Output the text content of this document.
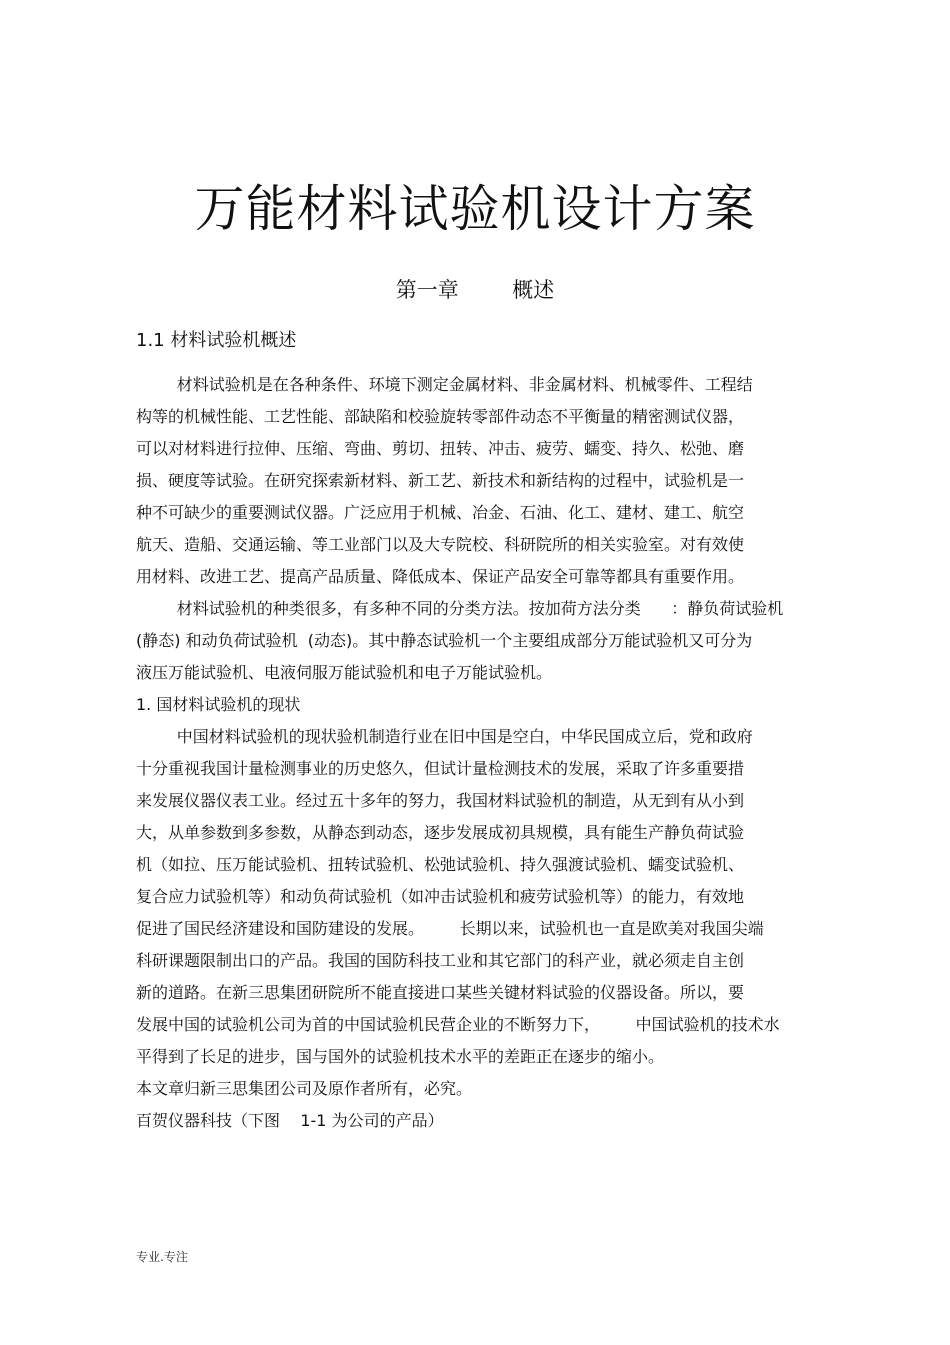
万能材料试验机设计方案
第一章        概述
1.1 材料试验机概述
材料试验机是在各种条件、环境下测定金属材料、非金属材料、机械零件、工程结
构等的机械性能、工艺性能、部缺陷和校验旋转零部件动态不平衡量的精密测试仪器，
可以对材料进行拉伸、压缩、弯曲、剪切、扭转、冲击、疲劳、蠕变、持久、松弛、磨
损、硬度等试验。在研究探索新材料、新工艺、新技术和新结构的过程中，试验机是一
种不可缺少的重要测试仪器。广泛应用于机械、冶金、石油、化工、建材、建工、航空
航天、造船、交通运输、等工业部门以及大专院校、科研院所的相关实验室。对有效使
用材料、改进工艺、提高产品质量、降低成本、保证产品安全可靠等都具有重要作用。
材料试验机的种类很多，有多种不同的分类方法。按加荷方法分类      ：静负荷试验机
(静态) 和动负荷试验机  (动态)。其中静态试验机一个主要组成部分万能试验机又可分为
液压万能试验机、电液伺服万能试验机和电子万能试验机。
1. 国材料试验机的现状
中国材料试验机的现状验机制造行业在旧中国是空白，中华民国成立后，党和政府
十分重视我国计量检测事业的历史悠久，但试计量检测技术的发展，采取了许多重要措
来发展仪器仪表工业。经过五十多年的努力，我国材料试验机的制造，从无到有从小到
大，从单参数到多参数，从静态到动态，逐步发展成初具规模，具有能生产静负荷试验
机（如拉、压万能试验机、扭转试验机、松弛试验机、持久强渡试验机、蠕变试验机、
复合应力试验机等）和动负荷试验机（如冲击试验机和疲劳试验机等）的能力，有效地
促进了国民经济建设和国防建设的发展。       长期以来，试验机也一直是欧美对我国尖端
科研课题限制出口的产品。我国的国防科技工业和其它部门的科产业，就必须走自主创
新的道路。在新三思集团研院所不能直接进口某些关键材料试验的仪器设备。所以，要
发展中国的试验机公司为首的中国试验机民营企业的不断努力下，       中国试验机的技术水
平得到了长足的进步，国与国外的试验机技术水平的差距正在逐步的缩小。
本文章归新三思集团公司及原作者所有，必究。
百贺仪器科技（下图    1-1 为公司的产品）
专业.专注
